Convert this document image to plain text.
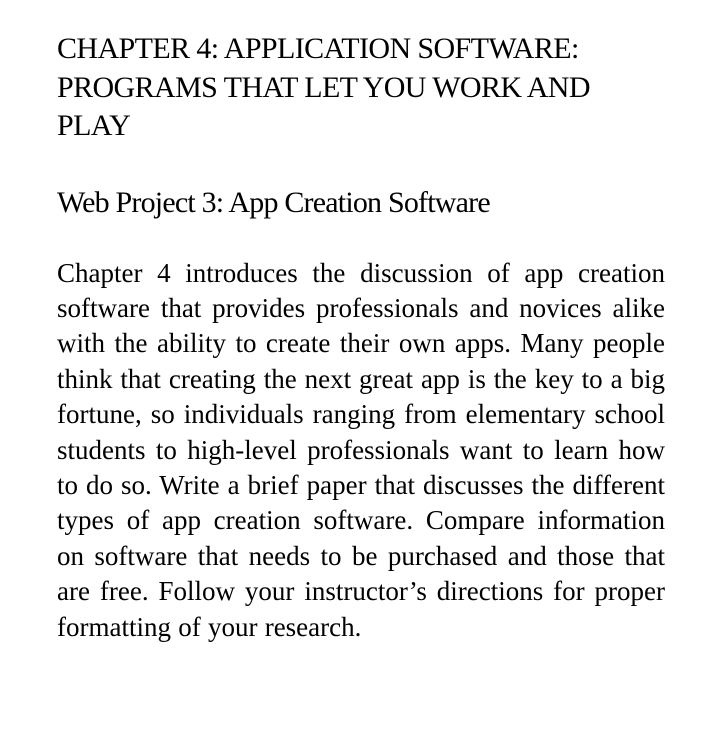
CHAPTER 4: APPLICATION SOFTWARE: PROGRAMS THAT LET YOU WORK AND PLAY
Web Project 3: App Creation Software

Chapter 4 introduces the discussion of app creation software that provides professionals and novices alike with the ability to create their own apps. Many people think that creating the next great app is the key to a big fortune, so individuals ranging from elementary school students to high-level professionals want to learn how to do so. Write a brief paper that discusses the different types of app creation software. Compare information on software that needs to be purchased and those that are free. Follow your instructor’s directions for proper formatting of your research.
